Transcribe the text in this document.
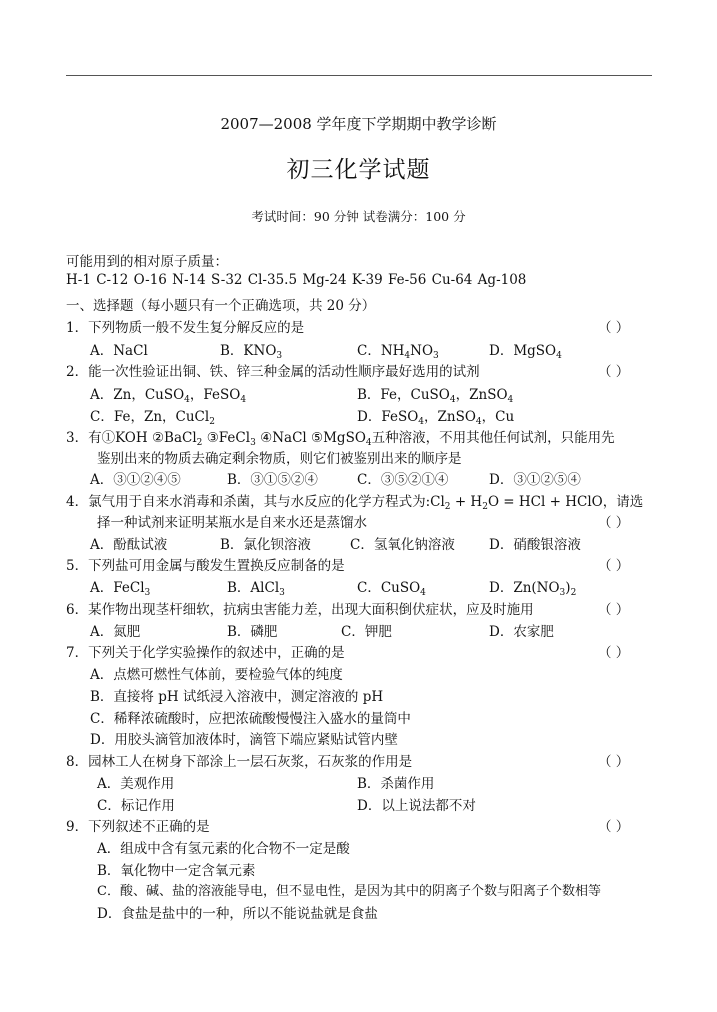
2007—2008 学年度下学期期中教学诊断
初三化学试题
考试时间：90 分钟 试卷满分：100 分
可能用到的相对原子质量：
H-1 C-12 O-16 N-14 S-32 Cl-35.5 Mg-24 K-39 Fe-56 Cu-64 Ag-108
一、选择题（每小题只有一个正确选项，共 20 分）
1．下列物质一般不发生复分解反应的是	（ ）
A．NaCl	B．$KNO_3$	C．$NH_4NO_3$	D．MgSO$_4$
2．能一次性验证出铜、铁、锌三种金属的活动性顺序最好选用的试剂	（ ）
A．Zn，CuSO$_4$，FeSO$_4$	B．Fe，CuSO$_4$，ZnSO$_4$
C．Fe，Zn，CuCl$_2$	D．FeSO$_4$，ZnSO$_4$，Cu
3．有①KOH ②BaCl$_2$ ③FeCl$_3$ ④NaCl ⑤MgSO$_4$五种溶液，不用其他任何试剂，只能用先
鉴别出来的物质去确定剩余物质，则它们被鉴别出来的顺序是
A．③①②④⑤	B．③①⑤②④	C．③⑤②①④	D．③①②⑤④
4．氯气用于自来水消毒和杀菌，其与水反应的化学方程式为$:Cl_2 + H_2O$ = HCl + HClO，请选
择一种试剂来证明某瓶水是自来水还是蒸馏水	（ ）
A．酚酞试液	B．氯化钡溶液	C．氢氧化钠溶液	D．硝酸银溶液
5．下列盐可用金属与酸发生置换反应制备的是	（ ）
A．FeCl$_3$	B．AlCl$_3$	C．CuSO$_4$	D．$Zn(NO_3)_2$
6．某作物出现茎杆细软，抗病虫害能力差，出现大面积倒伏症状，应及时施用	（ ）
A．氮肥	B．磷肥	C．钾肥	D．农家肥
7．下列关于化学实验操作的叙述中，正确的是	（ ）
A．点燃可燃性气体前，要检验气体的纯度
B．直接将 pH 试纸浸入溶液中，测定溶液的 pH
C．稀释浓硫酸时，应把浓硫酸慢慢注入盛水的量筒中
D．用胶头滴管加液体时，滴管下端应紧贴试管内壁
8．园林工人在树身下部涂上一层石灰浆，石灰浆的作用是	（ ）
A．美观作用	B．杀菌作用
C．标记作用	D．以上说法都不对
9．下列叙述不正确的是	（ ）
A．组成中含有氢元素的化合物不一定是酸
B．氧化物中一定含氧元素
C．酸、碱、盐的溶液能导电，但不显电性，是因为其中的阴离子个数与阳离子个数相等
D．食盐是盐中的一种，所以不能说盐就是食盐
